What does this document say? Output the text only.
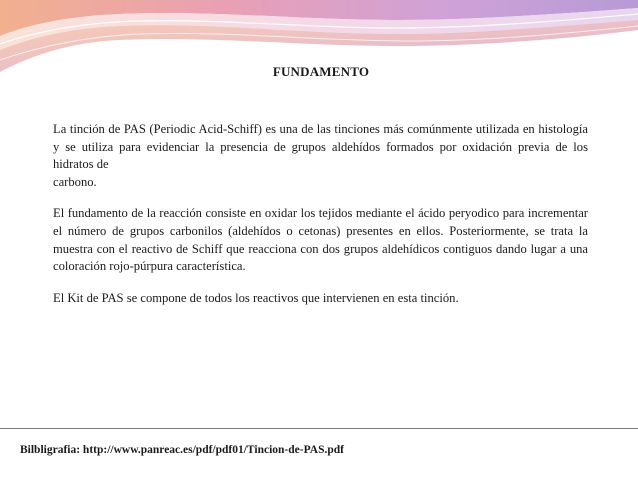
FUNDAMENTO

La tinción de PAS (Periodic Acid-Schiff) es una de las tinciones más comúnmente utilizada en histología y se utiliza para evidenciar la presencia de grupos aldehídos formados por oxidación previa de los hidratos de
carbono.

El fundamento de la reacción consiste en oxidar los tejidos mediante el ácido peryodico para incrementar el número de grupos carbonilos (aldehídos o cetonas) presentes en ellos. Posteriormente, se trata la muestra con el reactivo de Schiff que reacciona con dos grupos aldehídicos contiguos dando lugar a una coloración rojo-púrpura característica.

El Kit de PAS se compone de todos los reactivos que intervienen en esta tinción.

Bilbligrafia: http://www.panreac.es/pdf/pdf01/Tincion-de-PAS.pdf
